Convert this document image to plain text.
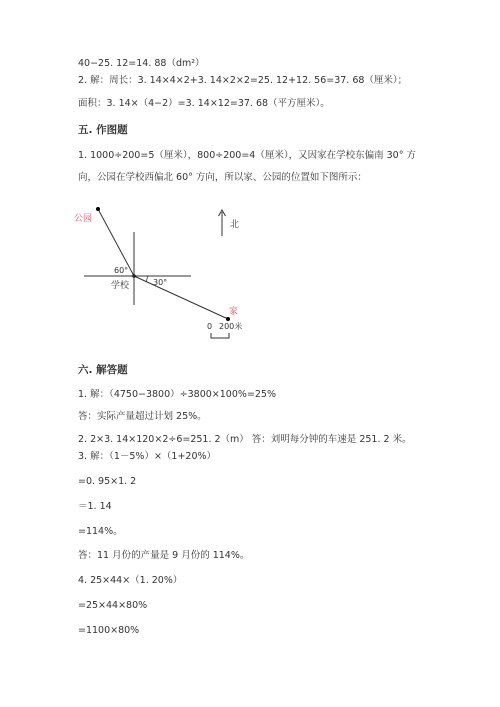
40−25. 12=14. 88（dm²）
2. 解：周长：3. 14×4×2+3. 14×2×2=25. 12+12. 56=37. 68（厘米）；
面积：3. 14×（4−2）=3. 14×12=37. 68（平方厘米）。
五. 作图题
1. 1000÷200=5（厘米），800÷200=4（厘米），又因家在学校东偏南 30° 方
向，公园在学校西偏北 60° 方向，所以家、公园的位置如下图所示：
60°
30°
公园
学校
家
北
0 200米
六. 解答题
1. 解：（4750−3800）÷3800×100%=25%
答：实际产量超过计划 25%。
2. 2×3. 14×120×2÷6=251. 2（m） 答：刘明每分钟的车速是 251. 2 米。
3. 解：（1－5%）×（1+20%）
=0. 95×1. 2
＝1. 14
=114%。
答：11 月份的产量是 9 月份的 114%。
4. 25×44×（1. 20%）
=25×44×80%
=1100×80%
